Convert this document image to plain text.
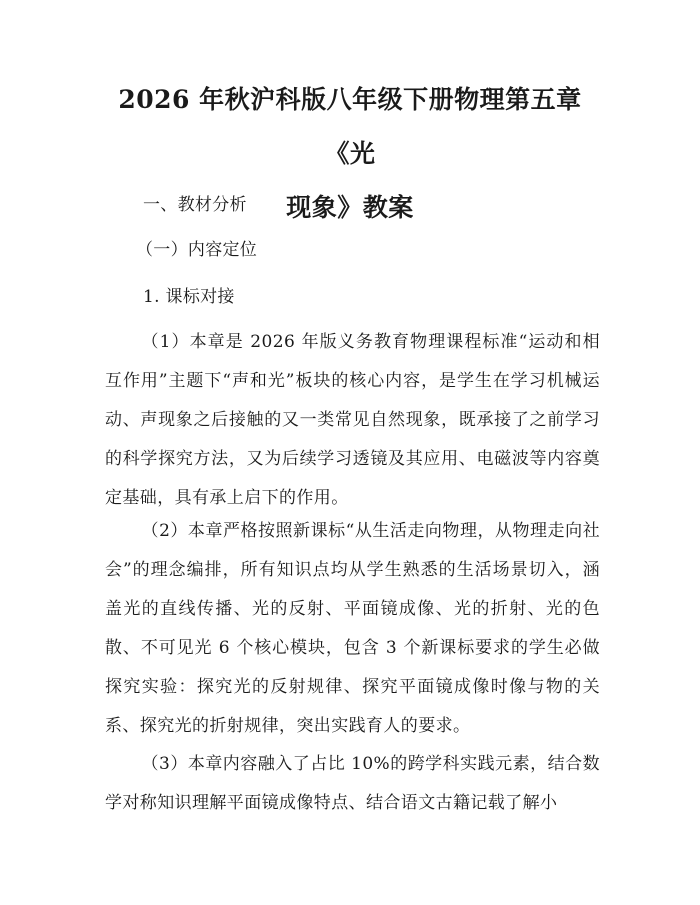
2026 年秋沪科版八年级下册物理第五章《光
现象》教案
一、教材分析
（一）内容定位
1. 课标对接

（1）本章是 2026 年版义务教育物理课程标准“运动和相互作用”主题下“声和光”板块的核心内容，是学生在学习机械运动、声现象之后接触的又一类常见自然现象，既承接了之前学习的科学探究方法，又为后续学习透镜及其应用、电磁波等内容奠定基础，具有承上启下的作用。

（2）本章严格按照新课标“从生活走向物理，从物理走向社会”的理念编排，所有知识点均从学生熟悉的生活场景切入，涵盖光的直线传播、光的反射、平面镜成像、光的折射、光的色散、不可见光 6 个核心模块，包含 3 个新课标要求的学生必做探究实验：探究光的反射规律、探究平面镜成像时像与物的关系、探究光的折射规律，突出实践育人的要求。

（3）本章内容融入了占比 10%的跨学科实践元素，结合数学对称知识理解平面镜成像特点、结合语文古籍记载了解小
